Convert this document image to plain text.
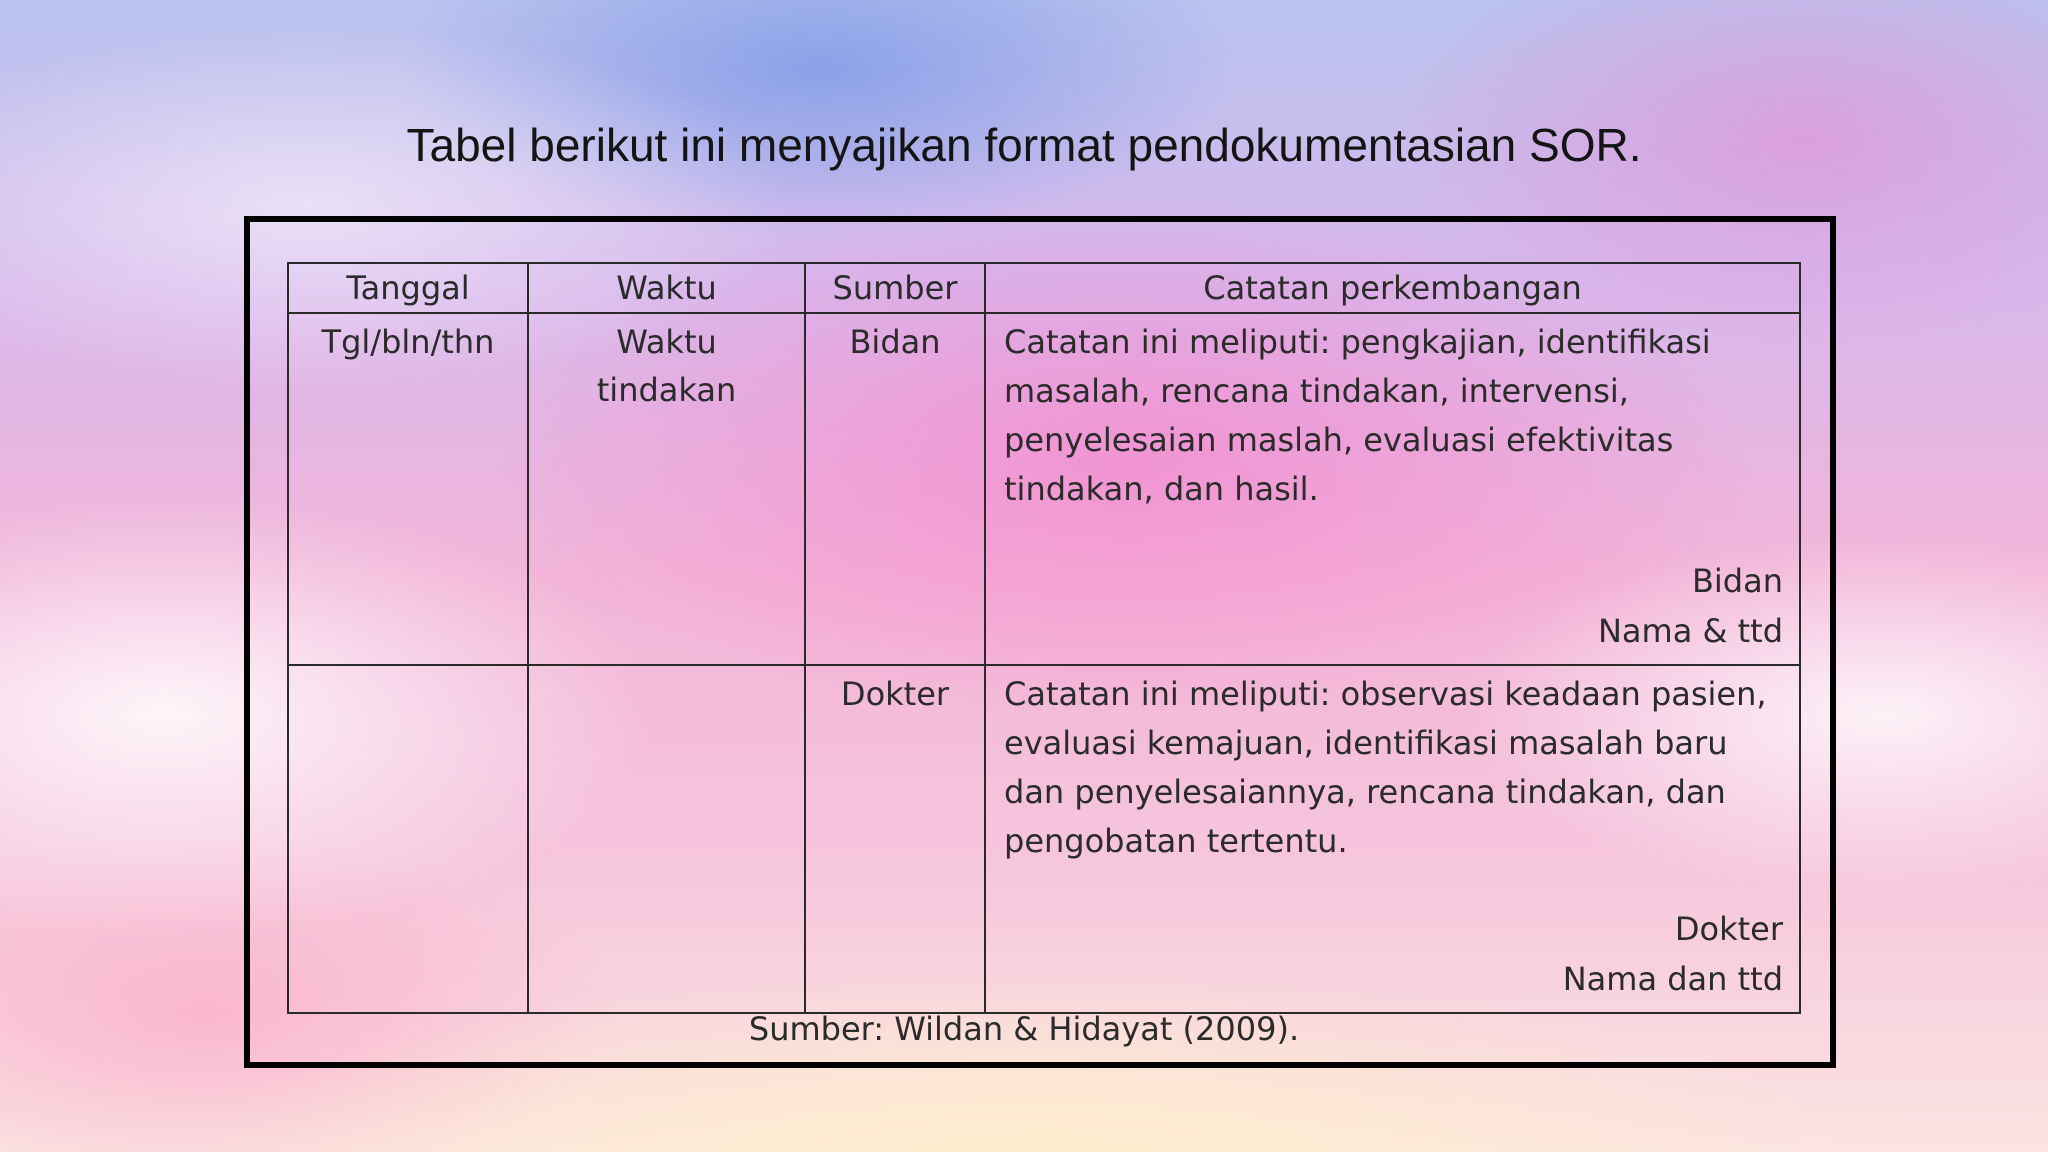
Tabel berikut ini menyajikan format pendokumentasian SOR.
Tanggal	Waktu	Sumber	Catatan perkembangan
Tgl/bln/thn	Waktu tindakan	Bidan	Catatan ini meliputi: pengkajian, identifikasi masalah, rencana tindakan, intervensi, penyelesaian maslah, evaluasi efektivitas tindakan, dan hasil.
Bidan
Nama & ttd

		Dokter	Catatan ini meliputi: observasi keadaan pasien, evaluasi kemajuan, identifikasi masalah baru dan penyelesaiannya, rencana tindakan, dan pengobatan tertentu.
Dokter
Nama dan ttd
Sumber: Wildan & Hidayat (2009).
